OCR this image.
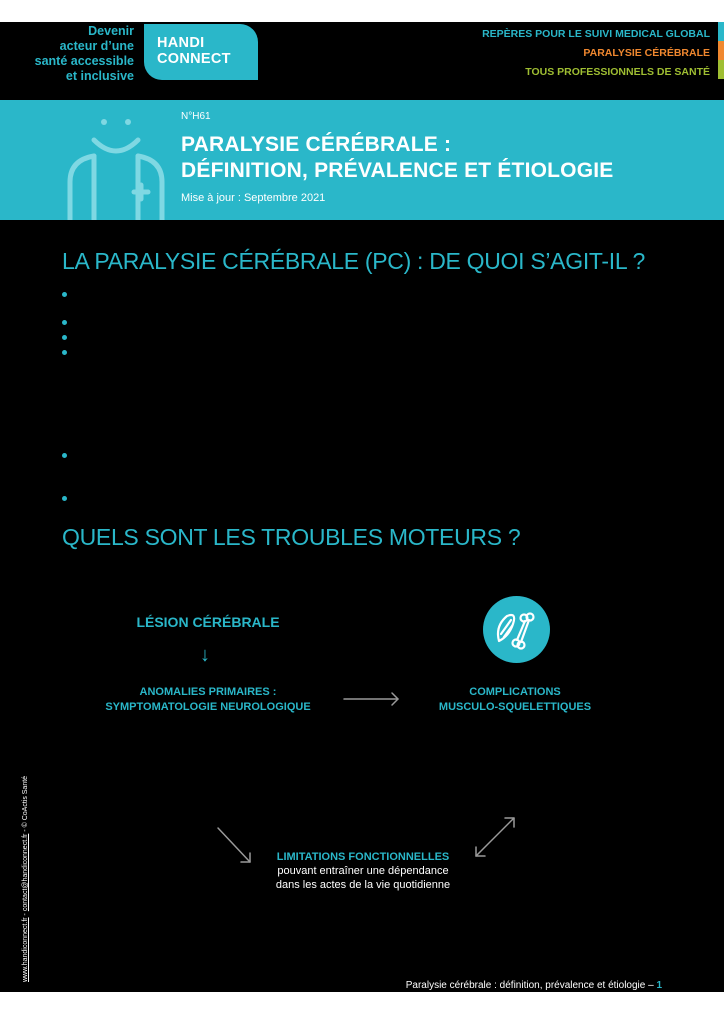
Devenir
acteur d’une
santé accessible
et inclusive
HANDI
CONNECT
REPÈRES POUR LE SUIVI MEDICAL GLOBAL
PARALYSIE CÉRÉBRALE
TOUS PROFESSIONNELS DE SANTÉ
N°H61
PARALYSIE CÉRÉBRALE :
DÉFINITION, PRÉVALENCE ET ÉTIOLOGIE
Mise à jour : Septembre 2021
LA PARALYSIE CÉRÉBRALE (PC) : DE QUOI S’AGIT-IL ?
QUELS SONT LES TROUBLES MOTEURS ?
LÉSION CÉRÉBRALE
↓
ANOMALIES PRIMAIRES :
SYMPTOMATOLOGIE NEUROLOGIQUE
COMPLICATIONS
MUSCULO-SQUELETTIQUES
LIMITATIONS FONCTIONNELLES
pouvant entraîner une dépendance
dans les actes de la vie quotidienne
www.handiconnect.fr - contact@handiconnect.fr - © CoActis Santé
Paralysie cérébrale : définition, prévalence et étiologie – 1
